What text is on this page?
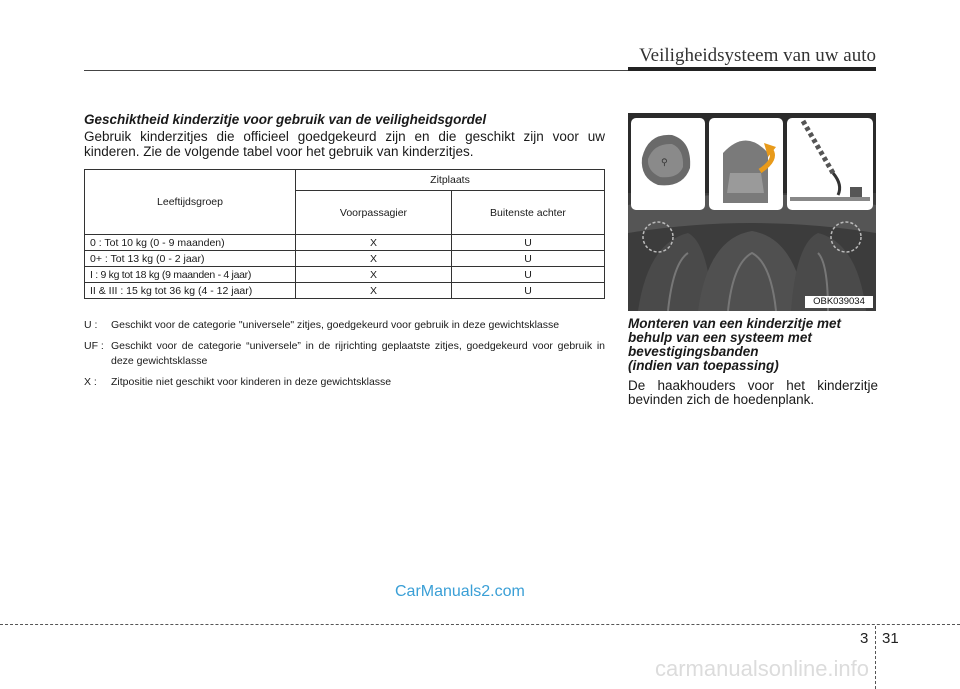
Veiligheidsysteem van uw auto
Geschiktheid kinderzitje voor gebruik van de veiligheidsgordel
Gebruik kinderzitjes die officieel goedgekeurd zijn en die geschikt zijn voor uw kinderen. Zie de volgende tabel voor het gebruik van kinderzitjes.
Leeftijdsgroep	Zitplaats	
	Voorpassagier	Buitenste achter
0 : Tot 10 kg (0 - 9 maanden)	X	U
0+ : Tot 13 kg (0 - 2 jaar)	X	U
I : 9 kg tot 18 kg (9 maanden - 4 jaar)	X	U
II & III : 15 kg tot 36 kg (4 - 12 jaar)	X	U
U :	Geschikt voor de categorie "universele" zitjes, goedgekeurd voor gebruik in deze gewichtsklasse
UF : Geschikt voor de categorie “universele” in de rijrichting geplaatste zitjes, goedgekeurd voor gebruik in deze gewichtsklasse
X :	Zitpositie niet geschikt voor kinderen in deze gewichtsklasse
⚲
OBK039034
Monteren van een kinderzitje met
behulp van een systeem met
bevestigingsbanden
(indien van toepassing)
De haakhouders voor het kinderzitje bevinden zich de hoedenplank.
CarManuals2.com
3 31
carmanualsonline.info
